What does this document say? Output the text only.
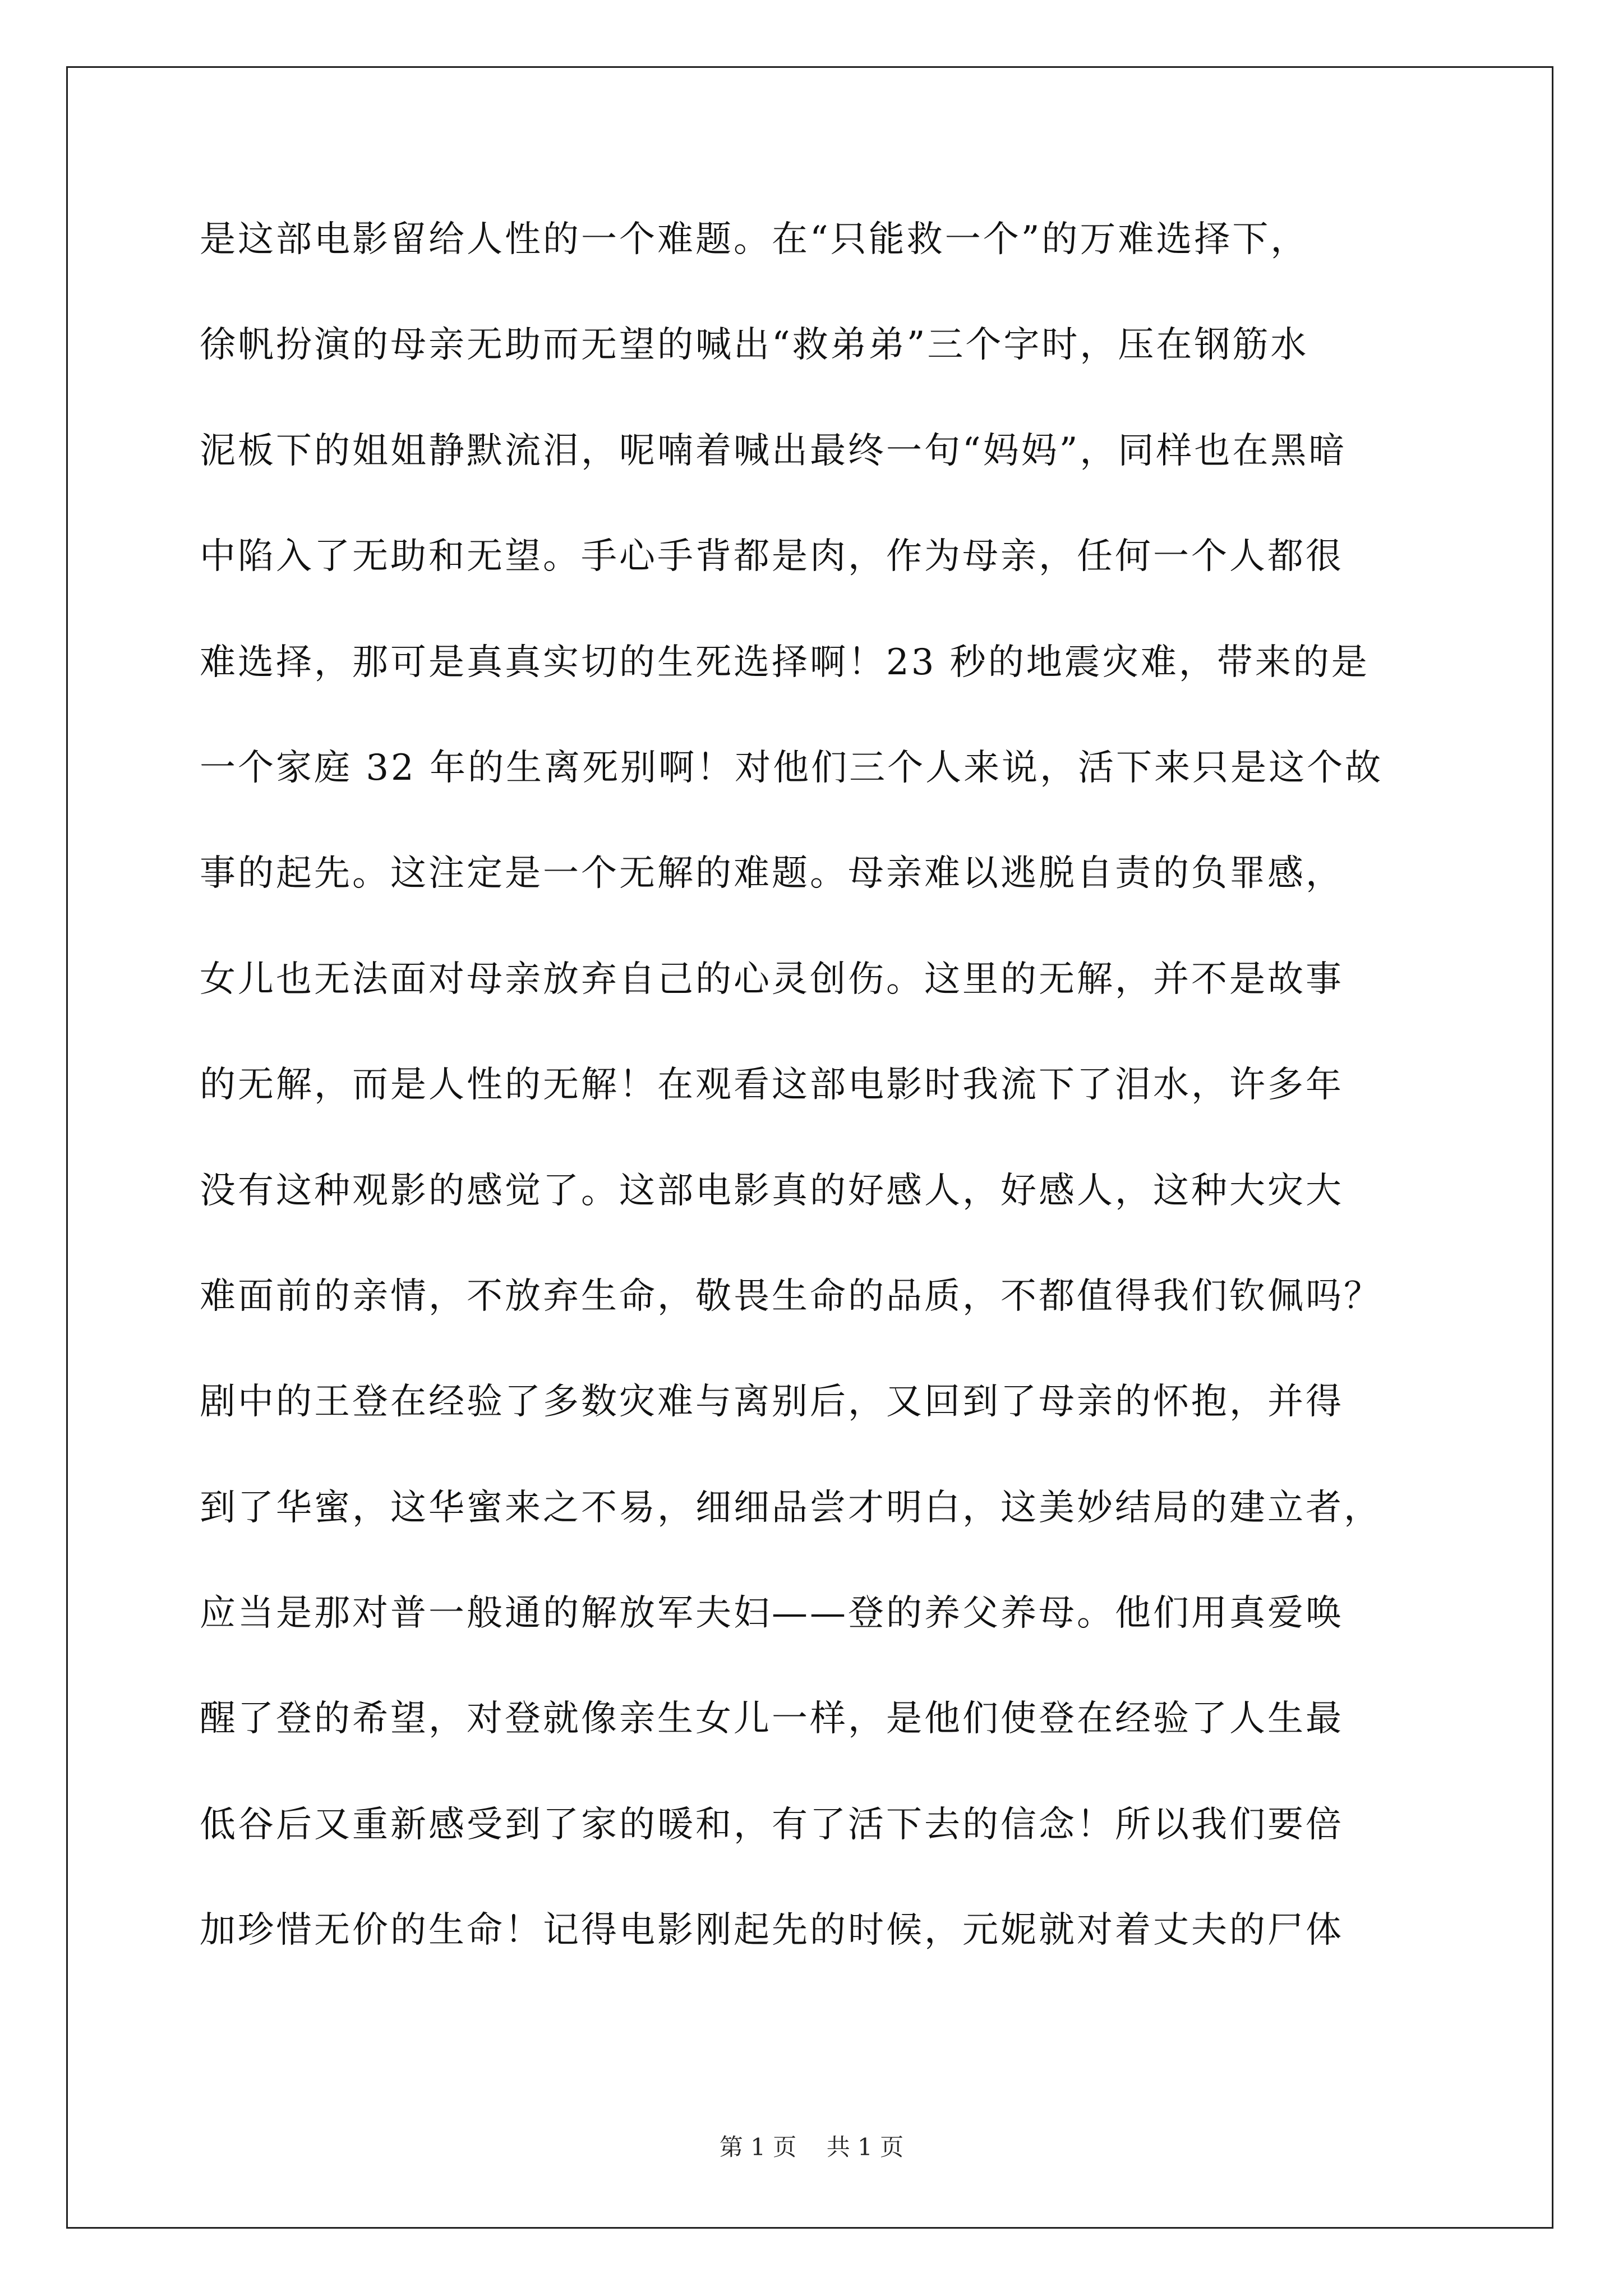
是这部电影留给人性的一个难题。在“只能救一个”的万难选择下，
徐帆扮演的母亲无助而无望的喊出“救弟弟”三个字时，压在钢筋水
泥板下的姐姐静默流泪，呢喃着喊出最终一句“妈妈”，同样也在黑暗
中陷入了无助和无望。手心手背都是肉，作为母亲，任何一个人都很
难选择，那可是真真实切的生死选择啊！23 秒的地震灾难，带来的是
一个家庭 32 年的生离死别啊！对他们三个人来说，活下来只是这个故
事的起先。这注定是一个无解的难题。母亲难以逃脱自责的负罪感，
女儿也无法面对母亲放弃自己的心灵创伤。这里的无解，并不是故事
的无解，而是人性的无解！在观看这部电影时我流下了泪水，许多年
没有这种观影的感觉了。这部电影真的好感人，好感人，这种大灾大
难面前的亲情，不放弃生命，敬畏生命的品质，不都值得我们钦佩吗？
剧中的王登在经验了多数灾难与离别后，又回到了母亲的怀抱，并得
到了华蜜，这华蜜来之不易，细细品尝才明白，这美妙结局的建立者，
应当是那对普一般通的解放军夫妇——登的养父养母。他们用真爱唤
醒了登的希望，对登就像亲生女儿一样，是他们使登在经验了人生最
低谷后又重新感受到了家的暖和，有了活下去的信念！所以我们要倍
加珍惜无价的生命！记得电影刚起先的时候，元妮就对着丈夫的尸体
第 1 页    共 1 页
